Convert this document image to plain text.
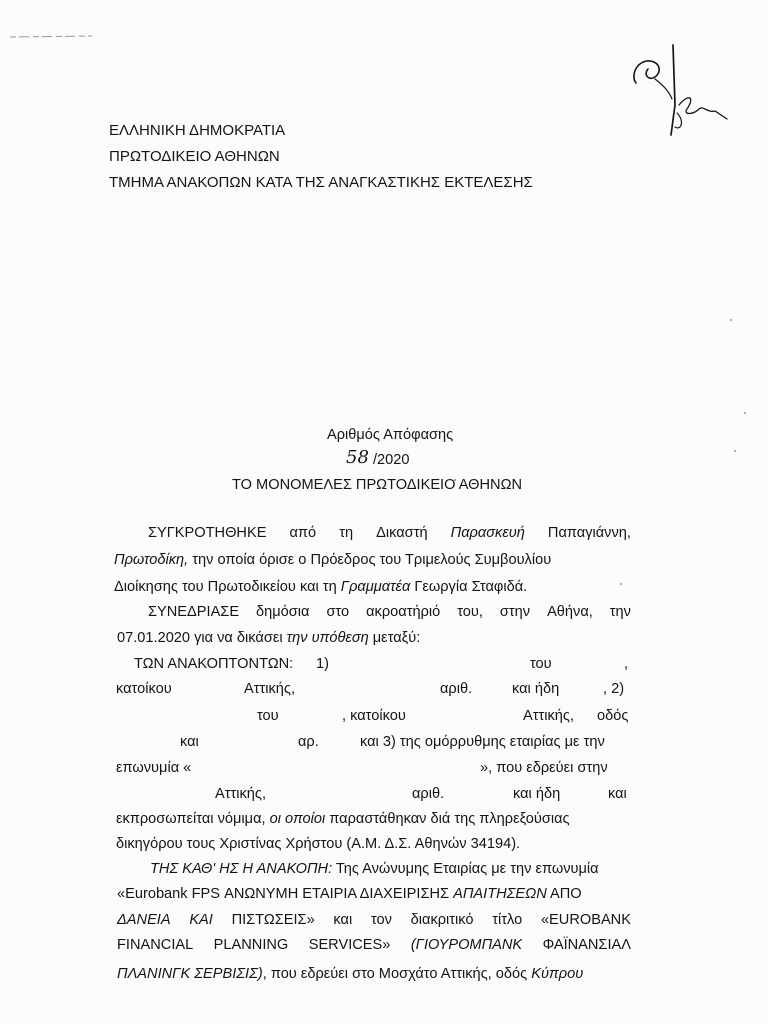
ΕΛΛΗΝΙΚΗ ΔΗΜΟΚΡΑΤΙΑ
ΠΡΩΤΟΔΙΚΕΙΟ ΑΘΗΝΩΝ
ΤΜΗΜΑ ΑΝΑΚΟΠΩΝ ΚΑΤΑ ΤΗΣ ΑΝΑΓΚΑΣΤΙΚΗΣ ΕΚΤΕΛΕΣΗΣ
Αριθμός Απόφασης
58 /2020
ΤΟ ΜΟΝΟΜΕΛΕΣ ΠΡΩΤΟΔΙΚΕΙΟ ΑΘΗΝΩΝ
ΣΥΓΚΡΟΤΗΘΗΚΕ από τη Δικαστή Παρασκευή Παπαγιάννη,
Πρωτοδίκη, την οποία όρισε ο Πρόεδρος του Τριμελούς Συμβουλίου
Διοίκησης του Πρωτοδικείου και τη Γραμματέα Γεωργία Σταφιδά.
ΣΥΝΕΔΡΙΑΣΕ δημόσια στο ακροατήριό του, στην Αθήνα, την
07.01.2020 για να δικάσει την υπόθεση μεταξύ:
ΤΩΝ ΑΝΑΚΟΠΤΟΝΤΩΝ: 1)	του	,
κατοίκου	Αττικής,	αριθ.	και ήδη	, 2)
του	, κατοίκου	Αττικής, οδός
και	αρ.	και 3) της ομόρρυθμης εταιρίας με την
επωνυμία «	», που εδρεύει στην
Αττικής,	αριθ.	και ήδη	και
εκπροσωπείται νόμιμα, οι οποίοι παραστάθηκαν διά της πληρεξούσιας
δικηγόρου τους Χριστίνας Χρήστου (Α.Μ. Δ.Σ. Αθηνών 34194).
ΤΗΣ ΚΑΘ' ΗΣ Η ΑΝΑΚΟΠΗ: Της Ανώνυμης Εταιρίας με την επωνυμία
«Eurobank FPS ΑΝΩΝΥΜΗ ΕΤΑΙΡΙΑ ΔΙΑΧΕΙΡΙΣΗΣ ΑΠΑΙΤΗΣΕΩΝ ΑΠΟ
ΔΑΝΕΙΑ ΚΑΙ ΠΙΣΤΩΣΕΙΣ» και τον διακριτικό τίτλο «EUROBANK
FINANCIAL PLANNING SERVICES» (ΓΙΟΥΡΟΜΠΑΝΚ ΦΑΪΝΑΝΣΙΑΛ
ΠΛΑΝΙΝΓΚ ΣΕΡΒΙΣΙΣ), που εδρεύει στο Μοσχάτο Αττικής, οδός Κύπρου
